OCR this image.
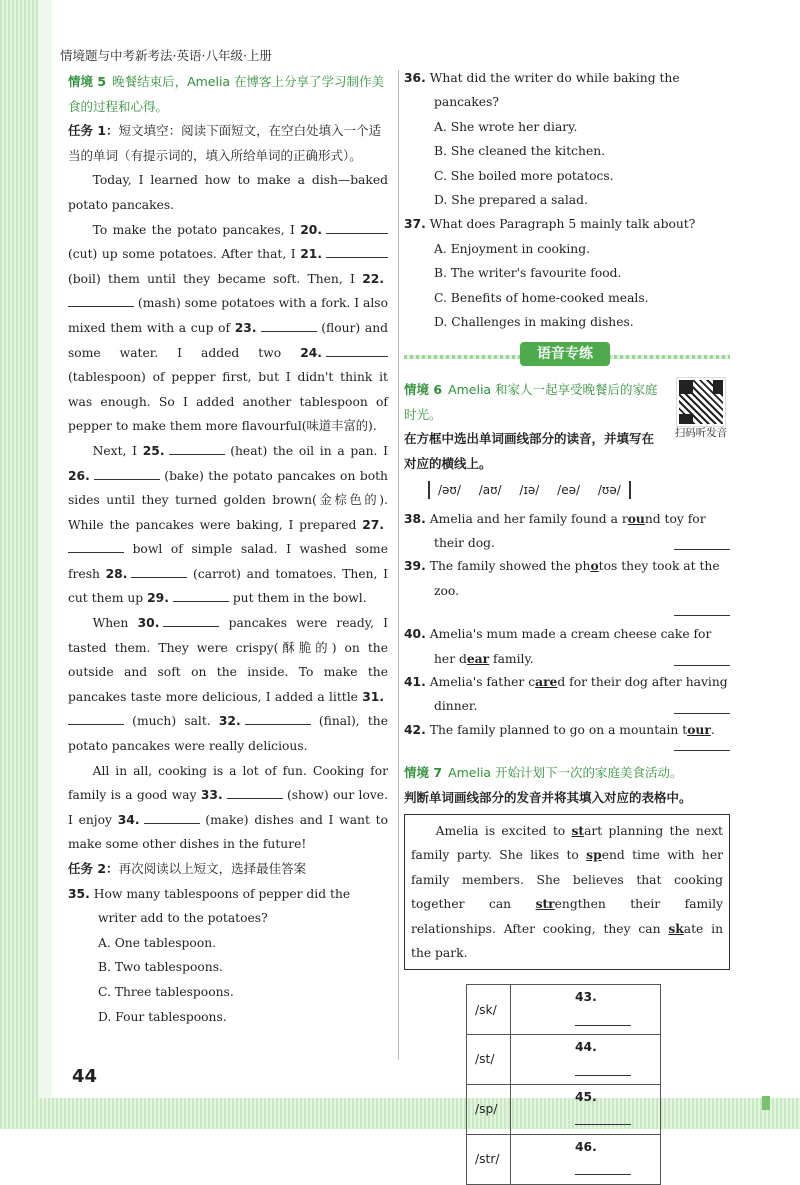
情境题与中考新考法·英语·八年级·上册
情境 5 晚餐结束后，Amelia 在博客上分享了学习制作美食的过程和心得。
任务 1：短文填空：阅读下面短文，在空白处填入一个适当的单词（有提示词的，填入所给单词的正确形式）。

Today, I learned how to make a dish—baked potato pancakes.

To make the potato pancakes, I 20. (cut) up some potatoes. After that, I 21. (boil) them until they became soft. Then, I 22. (mash) some potatoes with a fork. I also mixed them with a cup of 23.	(flour) and some water. I added two 24. (tablespoon) of pepper first, but I didn't think it was enough. So I added another tablespoon of pepper to make them more flavourful(味道丰富的).

Next, I 25.	(heat) the oil in a pan. I 26.	(bake) the potato pancakes on both sides until they turned golden brown(金棕色的). While the pancakes were baking, I prepared 27. bowl of simple salad. I washed some fresh 28.	(carrot) and tomatoes. Then, I cut them up 29.	put them in the bowl.

When 30.	pancakes were ready, I tasted them. They were crispy(酥脆的) on the outside and soft on the inside. To make the pancakes taste more delicious, I added a little 31. (much) salt. 32.	(final), the potato pancakes were really delicious.

All in all, cooking is a lot of fun. Cooking for family is a good way 33.	(show) our love. I enjoy 34.	(make) dishes and I want to make some other dishes in the future!

任务 2：再次阅读以上短文，选择最佳答案
35. How many tablespoons of pepper did the writer add to the potatoes?
A. One tablespoon.
B. Two tablespoons.
C. Three tablespoons.
D. Four tablespoons.
44
36. What did the writer do while baking the pancakes?
A. She wrote her diary.
B. She cleaned the kitchen.
C. She boiled more potatocs.
D. She prepared a salad.
37. What does Paragraph 5 mainly talk about?
A. Enjoyment in cooking.
B. The writer's favourite food.
C. Benefits of home-cooked meals.
D. Challenges in making dishes.
语音专练
情境 6 Amelia 和家人一起享受晚餐后的家庭时光。
在方框中选出单词画线部分的读音，并填写在对应的横线上。
扫码听发音
/əʊ/ /aʊ/ /ɪə/ /eə/ /ʊə/
38. Amelia and her family found a round toy for their dog.
39. The family showed the photos they took at the zoo.
40. Amelia's mum made a cream cheese cake for her dear family.
41. Amelia's father cared for their dog after having dinner.
42. The family planned to go on a mountain tour.
情境 7 Amelia 开始计划下一次的家庭美食活动。
判断单词画线部分的发音并将其填入对应的表格中。
Amelia is excited to start planning the next family party. She likes to spend time with her family members. She believes that cooking together can strengthen their family relationships. After cooking, they can skate in the park.
/sk/	43.
/st/	44.
/sp/	45.
/str/	46.
